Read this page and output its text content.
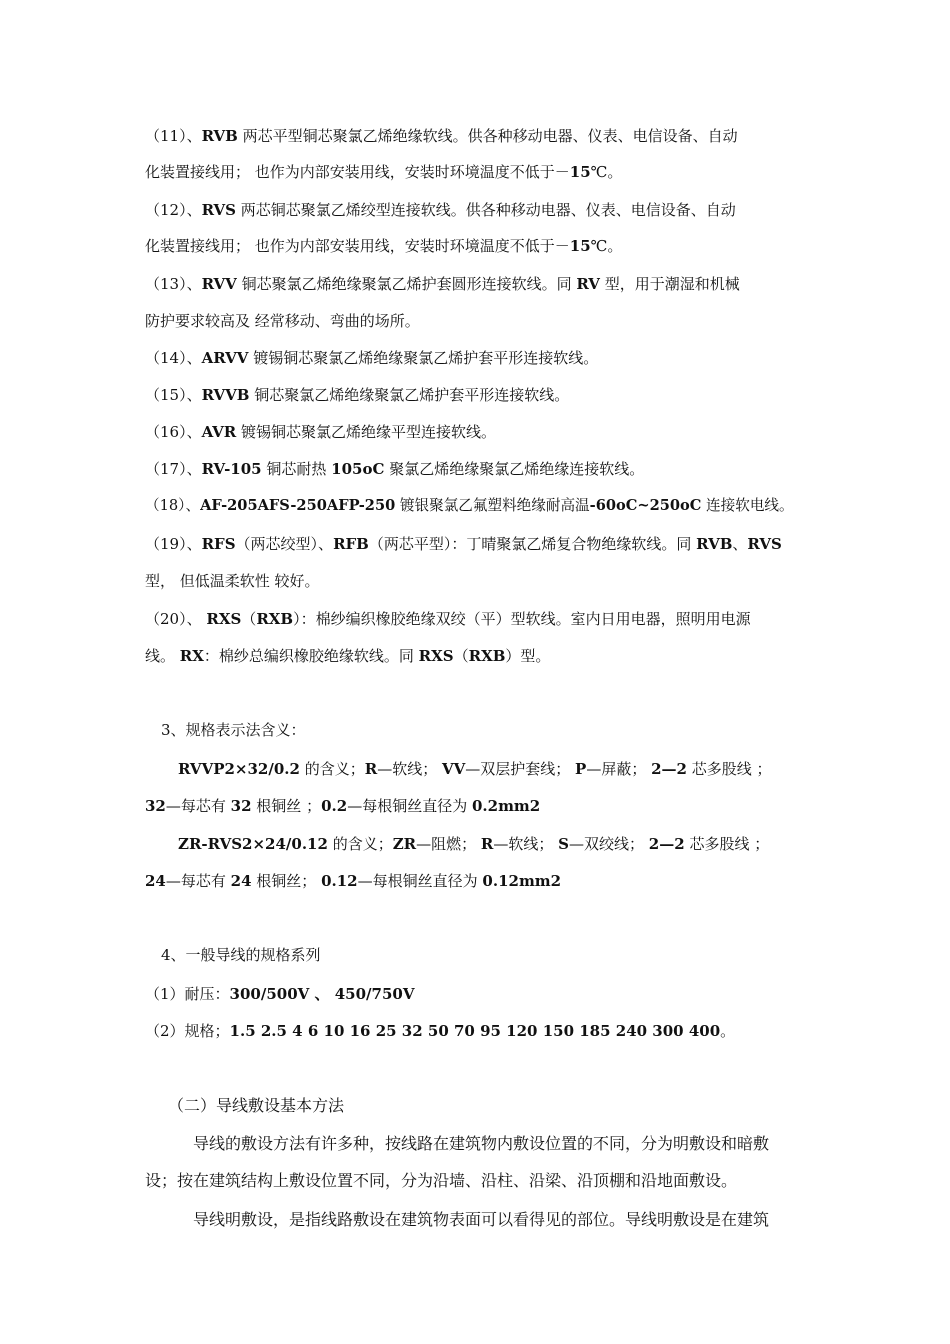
（11）、RVB 两芯平型铜芯聚氯乙烯绝缘软线。供各种移动电器、仪表、电信设备、自动
化装置接线用； 也作为内部安装用线，安装时环境温度不低于－15℃。
（12）、RVS 两芯铜芯聚氯乙烯绞型连接软线。供各种移动电器、仪表、电信设备、自动
化装置接线用； 也作为内部安装用线，安装时环境温度不低于－15℃。
（13）、RVV 铜芯聚氯乙烯绝缘聚氯乙烯护套圆形连接软线。同 RV 型，用于潮湿和机械
防护要求较高及 经常移动、弯曲的场所。
（14）、ARVV 镀锡铜芯聚氯乙烯绝缘聚氯乙烯护套平形连接软线。
（15）、RVVB 铜芯聚氯乙烯绝缘聚氯乙烯护套平形连接软线。
（16）、AVR 镀锡铜芯聚氯乙烯绝缘平型连接软线。
（17）、RV-105 铜芯耐热 105oC 聚氯乙烯绝缘聚氯乙烯绝缘连接软线。
（18）、AF-205AFS-250AFP-250 镀银聚氯乙氟塑料绝缘耐高温-60oC~250oC 连接软电线。
（19）、RFS（两芯绞型）、RFB（两芯平型）：丁晴聚氯乙烯复合物绝缘软线。同 RVB、RVS
型， 但低温柔软性 较好。
（20）、 RXS（RXB）：棉纱编织橡胶绝缘双绞（平）型软线。室内日用电器，照明用电源
线。 RX：棉纱总编织橡胶绝缘软线。同 RXS（RXB）型。
3、规格表示法含义：
RVVP2×32/0.2 的含义；R—软线； VV—双层护套线； P—屏蔽； 2—2 芯多股线 ；
32—每芯有 32 根铜丝 ；0.2—每根铜丝直径为 0.2mm2
ZR-RVS2×24/0.12 的含义；ZR—阻燃； R—软线； S—双绞线； 2—2 芯多股线 ；
24—每芯有 24 根铜丝； 0.12—每根铜丝直径为 0.12mm2
4、一般导线的规格系列
（1）耐压：300/500V 、 450/750V
（2）规格；1.5 2.5 4 6 10 16 25 32 50 70 95 120 150 185 240 300 400。
（二）导线敷设基本方法
导线的敷设方法有许多种，按线路在建筑物内敷设位置的不同，分为明敷设和暗敷
设；按在建筑结构上敷设位置不同，分为沿墙、沿柱、沿梁、沿顶棚和沿地面敷设。
导线明敷设，是指线路敷设在建筑物表面可以看得见的部位。导线明敷设是在建筑
